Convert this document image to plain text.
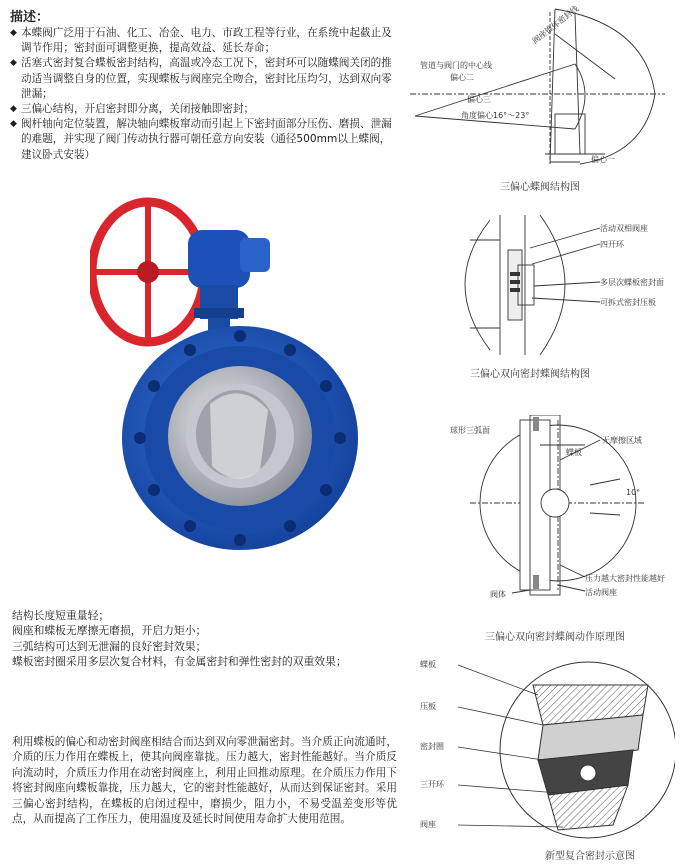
描述：
◆ 本蝶阀广泛用于石油、化工、冶金、电力、市政工程等行业，在系统中起截止及调节作用；密封面可调整更换，提高效益、延长寿命；
◆ 活塞式密封复合蝶板密封结构，高温或冷态工况下，密封环可以随蝶阀关闭的推动适当调整自身的位置，实现蝶板与阀座完全吻合，密封比压均匀，达到双向零泄漏；
◆ 三偏心结构，开启密封即分离，关闭接触即密封；
◆ 阀杆轴向定位装置，解决轴向蝶板窜动而引起上下密封面部分压伤、磨损、泄漏的难题，并实现了阀门传动执行器可朝任意方向安装（通径500mm以上蝶阀，建议卧式安装）
结构长度短重量轻；
阀座和蝶板无摩擦无磨损，开启力矩小；
三弧结构可达到无泄漏的良好密封效果；
蝶板密封圈采用多层次复合材料，有金属密封和弹性密封的双重效果；
利用蝶板的偏心和动密封阀座相结合而达到双向零泄漏密封。当介质正向流通时，介质的压力作用在蝶板上，使其向阀座靠拢。压力越大，密封性能越好。当介质反向流动时，介质压力作用在动密封阀座上，利用止回推动原理。在介质压力作用下将密封阀座向蝶板靠拢，压力越大，它的密封性能越好，从而达到保证密封。采用三偏心密封结构，在蝶板的启闭过程中，磨损少，阻力小，不易受温差变形等优点，从而提高了工作压力，使用温度及延长时间使用寿命扩大使用范围。
管道与阀门的中心线
阀座锥体密封线
偏心二
偏心三
角度偏心16°～23°
偏心一
三偏心蝶阀结构图
活动双相阀座
四开环
多层次蝶板密封面
可拆式密封压板
三偏心双向密封蝶阀结构图
球形三弧面
蝶板
无摩擦区域
10°
压力越大密封性能越好
阀体	活动阀座
三偏心双向密封蝶阀动作原理图
蝶板
压板
密封圈
三开环
阀座
新型复合密封示意图
